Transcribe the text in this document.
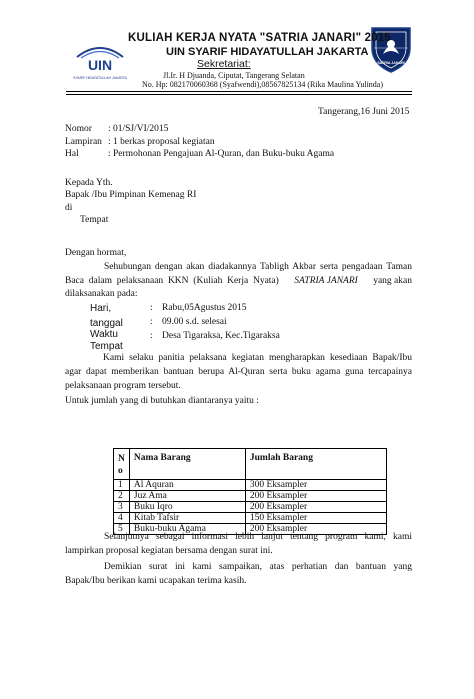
UIN
SYARIF HIDAYATULLAH JAKARTA
SATRIA JANARI
KULIAH KERJA NYATA "SATRIA JANARI" 2015
UIN SYARIF HIDAYATULLAH JAKARTA
Sekretariat:
Jl.Ir. H Djuanda, Ciputat, Tangerang Selatan
No. Hp: 082170060368 (Syafwendi),08567825134 (Rika Maulina Yulinda)
Tangerang,16 Juni 2015
Nomor : 01/SJ/VI/2015
Lampiran : 1 berkas proposal kegiatan
Hal	: Permohonan Pengajuan Al-Quran, dan Buku-buku Agama
Kepada Yth.
Bapak /Ibu Pimpinan Kemenag RI
di
Tempat
Dengan hormat,
Sehubungan dengan akan diadakannya Tabligh Akbar serta pengadaan Taman
Baca dalam pelaksanaan KKN (Kuliah Kerja Nyata) SATRIA JANARI yang akan
dilaksanakan pada:
Hari,	: Rabu,05Agustus 2015
tanggal	: 09.00 s.d. selesai
Waktu	: Desa Tigaraksa, Kec.Tigaraksa
Tempat
Kami selaku panitia pelaksana kegiatan mengharapkan kesediaan Bapak/Ibu
agar dapat memberikan bantuan berupa Al-Quran serta buku agama guna tercapainya
pelaksanaan program tersebut.
Untuk jumlah yang di butuhkan diantaranya yaitu :
N o	Nama Barang	Jumlah Barang
1	Al Aquran	300 Eksampler
2	Juz Ama	200 Eksampler
3	Buku Iqro	200 Eksampler
4	Kitab Tafsir	150 Eksampler
5	Buku-buku Agama	200 Eksampler
Selanjutnya sebagai informasi lebih lanjut tentang program kami, kami
lampirkan proposal kegiatan bersama dengan surat ini.
Demikian surat ini kami sampaikan, atas perhatian dan bantuan yang
Bapak/Ibu berikan kami ucapakan terima kasih.
